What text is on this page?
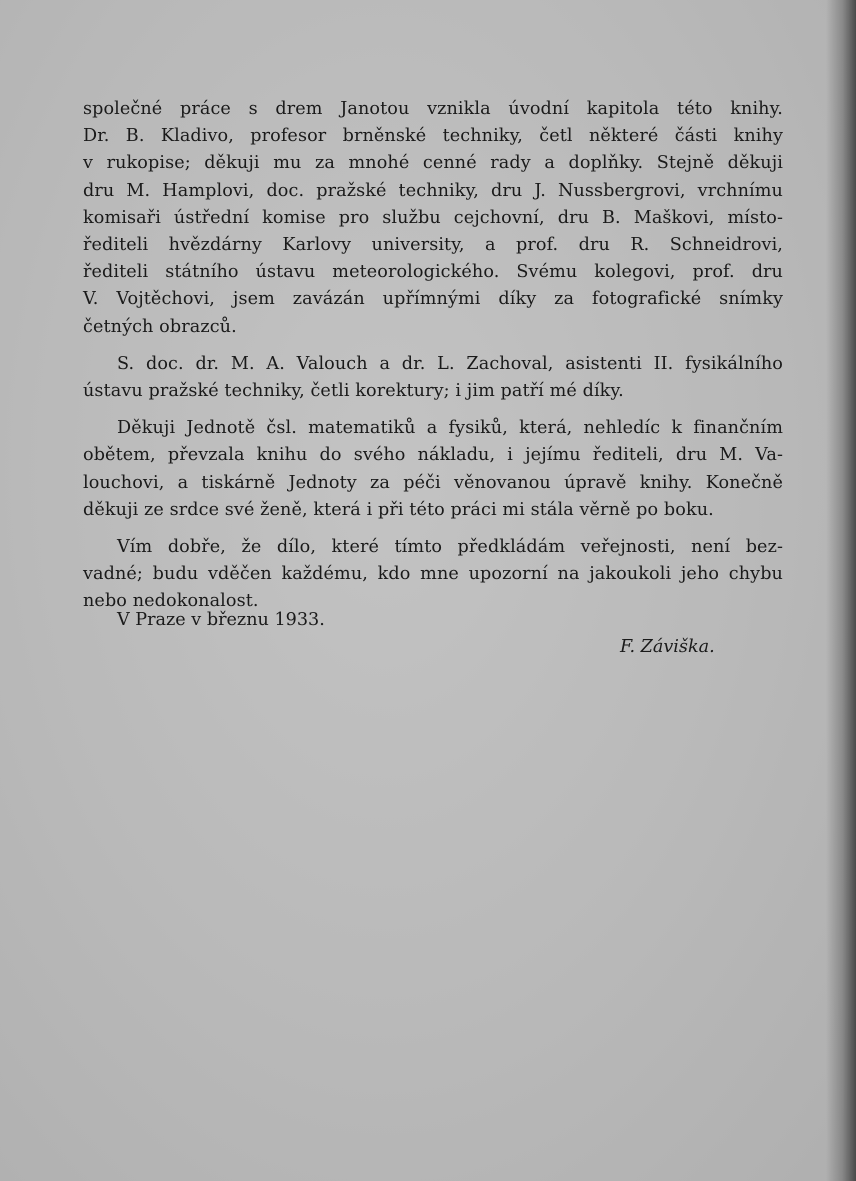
společné práce s drem Janotou vznikla úvodní kapitola této knihy.
Dr. B. Kladivo, profesor brněnské techniky, četl některé části knihy
v rukopise; děkuji mu za mnohé cenné rady a doplňky. Stejně děkuji
dru M. Hamplovi, doc. pražské techniky, dru J. Nussbergrovi, vrchnímu
komisaři ústřední komise pro službu cejchovní, dru B. Maškovi, místo-
řediteli hvězdárny Karlovy university, a prof. dru R. Schneidrovi,
řediteli státního ústavu meteorologického. Svému kolegovi, prof. dru
V. Vojtěchovi, jsem zavázán upřímnými díky za fotografické snímky
četných obrazců.
S. doc. dr. M. A. Valouch a dr. L. Zachoval, asistenti II. fysikálního
ústavu pražské techniky, četli korektury; i jim patří mé díky.
Děkuji Jednotě čsl. matematiků a fysiků, která, nehledíc k finančním
obětem, převzala knihu do svého nákladu, i jejímu řediteli, dru M. Va-
louchovi, a tiskárně Jednoty za péči věnovanou úpravě knihy. Konečně
děkuji ze srdce své ženě, která i při této práci mi stála věrně po boku.
Vím dobře, že dílo, které tímto předkládám veřejnosti, není bez-
vadné; budu vděčen každému, kdo mne upozorní na jakoukoli jeho chybu
nebo nedokonalost.
V Praze v březnu 1933.
F. Záviška.
